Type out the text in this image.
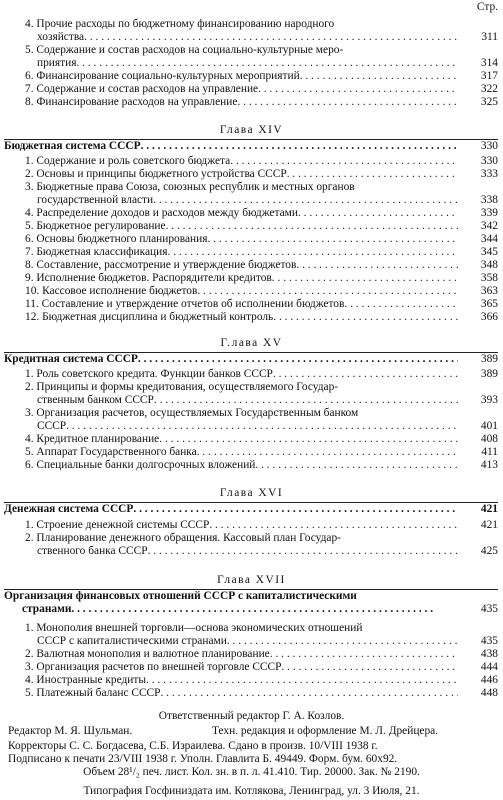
Стр.
4. Прочие расходы по бюджетному финансированию народного
хозяйства . . .	311
5. Содержание и состав расходов на социально-культурные меро-
приятия . . .	314
6. Финансирование социально-культурных мероприятий . . .	317
7. Содержание и состав расходов на управление . . .	322
8. Финансирование расходов на управление . . .	325
Глава XIV
Бюджетная система СССР . . .	330
1. Содержание и роль советского бюджета . . .	330
2. Основы и принципы бюджетного устройства СССР . . .	333
3. Бюджетные права Союза, союзных республик и местных органов
государственной власти . . .	338
4. Распределение доходов и расходов между бюджетами . . .	339
5. Бюджетное регулирование . . .	342
6. Основы бюджетного планирования . . .	344
7. Бюджетная классификация . . .	345
8. Составление, рассмотрение и утверждение бюджетов . . .	348
9. Исполнение бюджетов. Распорядители кредитов . . .	358
10. Кассовое исполнение бюджетов . . .	363
11. Составление и утверждение отчетов об исполнении бюджетов . . .	365
12. Бюджетная дисциплина и бюджетный контроль . . .	366
Г.лава XV
Кредитная система СССР . . .	389
1. Роль советского кредита. Функции банков СССР . . .	389
2. Принципы и формы кредитования, осуществляемого Государ-
ственным банком СССР . . .	393
3. Организация расчетов, осуществляемых Государственным банком
СССР . . .	401
4. Кредитное планирование . . .	408
5. Аппарат Государственного банка . . .	411
6. Специальные банки долгосрочных вложений . . .	413
Глава XVI
Денежная система СССР . . .	421
1. Строение денежной системы СССР . . .	421
2. Планирование денежного обращения. Кассовый план Государ-
ственного банка СССР . . .	425
Глава XVII
Организация финансовых отношений СССР с капиталистическими
странами . . .	435
1. Монополия внешней торговли—основа экономических отношений
СССР с капиталистическими странами . . .	435
2. Валютная монополия и валютное планирование . . .	438
3. Организация расчетов по внешней торговле СССР . . .	444
4. Иностранные кредиты . . .	446
5. Платежный баланс СССР . . .	448
Ответственный редактор Г. А. Козлов.
Редактор М. Я. Шульман.	Техн. редакция и оформление М. Л. Дрейцера.
Корректоры С. С. Богдасева, С.Б. Израилева. Сдано в произв. 10/VIII 1938 г.
Подписано к печати 23/VIII 1938 г. Уполн. Главлита Б. 49449. Форм. бум. 60х92.
Объем 28¹/₂ печ. лист. Кол. зн. в п. л. 41.410. Тир. 20000. Зак. № 2190.
Типография Госфиниздата им. Котлякова, Ленинград, ул. 3 Июля, 21.
